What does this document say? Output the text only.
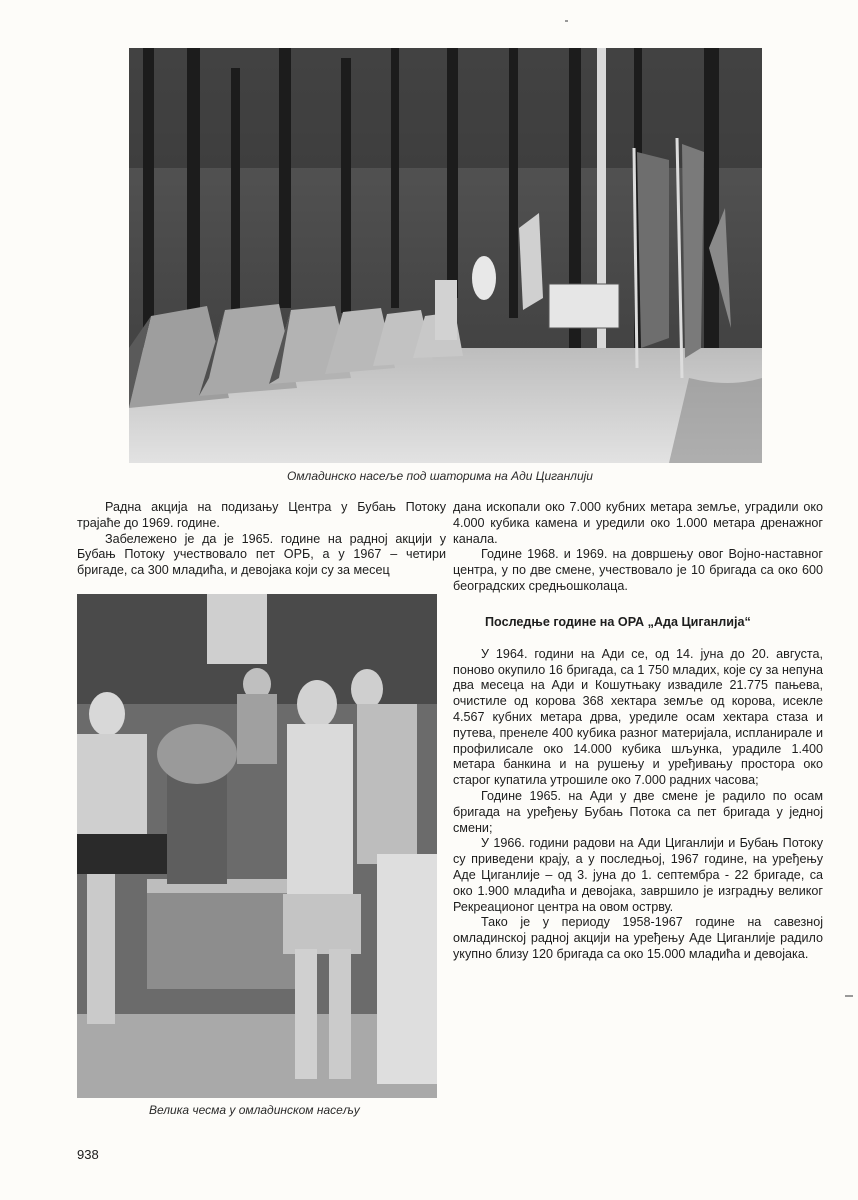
Омладинско насеље под шаторима на Ади Циганлији

Радна акција на подизању Центра у Бубањ Потоку трајаће до 1969. године.

Забележено је да је 1965. године на радној акцији у Бубањ Потоку учествовало пет ОРБ, а у 1967 – четири бригаде, са 300 младића, и девојака који су за месец

Велика чесма у омладинском насељу

дана ископали око 7.000 кубних метара земље, уградили око 4.000 кубика камена и уредили око 1.000 метара дренажног канала.

Године 1968. и 1969. на довршењу овог Војно-наставног центра, у по две смене, учествовало је 10 бригада са око 600 београдских средњошколаца.

Последње године на ОРА „Ада Циганлија“

У 1964. години на Ади се, од 14. јуна до 20. августа, поново окупило 16 бригада, са 1 750 младих, које су за непуна два месеца на Ади и Кошутњаку извадиле 21.775 пањева, очистиле од корова 368 хектара земље од корова, исекле 4.567 кубних метара дрва, уредиле осам хектара стаза и путева, пренеле 400 кубика разног материјала, испланирале и профилисале око 14.000 кубика шљунка, урадиле 1.400 метара банкина и на рушењу и уређивању простора око старог купатила утрошиле око 7.000 радних часова;

Године 1965. на Ади у две смене је радило по осам бригада на уређењу Бубањ Потока са пет бригада у једној смени;

У 1966. години радови на Ади Циганлији и Бубањ Потоку су приведени крају, а у последњој, 1967 године, на уређењу Аде Циганлије – од 3. јуна до 1. септембра - 22 бригаде, са око 1.900 младића и девојака, завршило је изградњу великог Рекреационог центра на овом острву.

Тако је у периоду 1958-1967 године на савезној омладинској радној акцији на уређењу Аде Циганлије радило укупно близу 120 бригада са око 15.000 младића и девојака.

938
